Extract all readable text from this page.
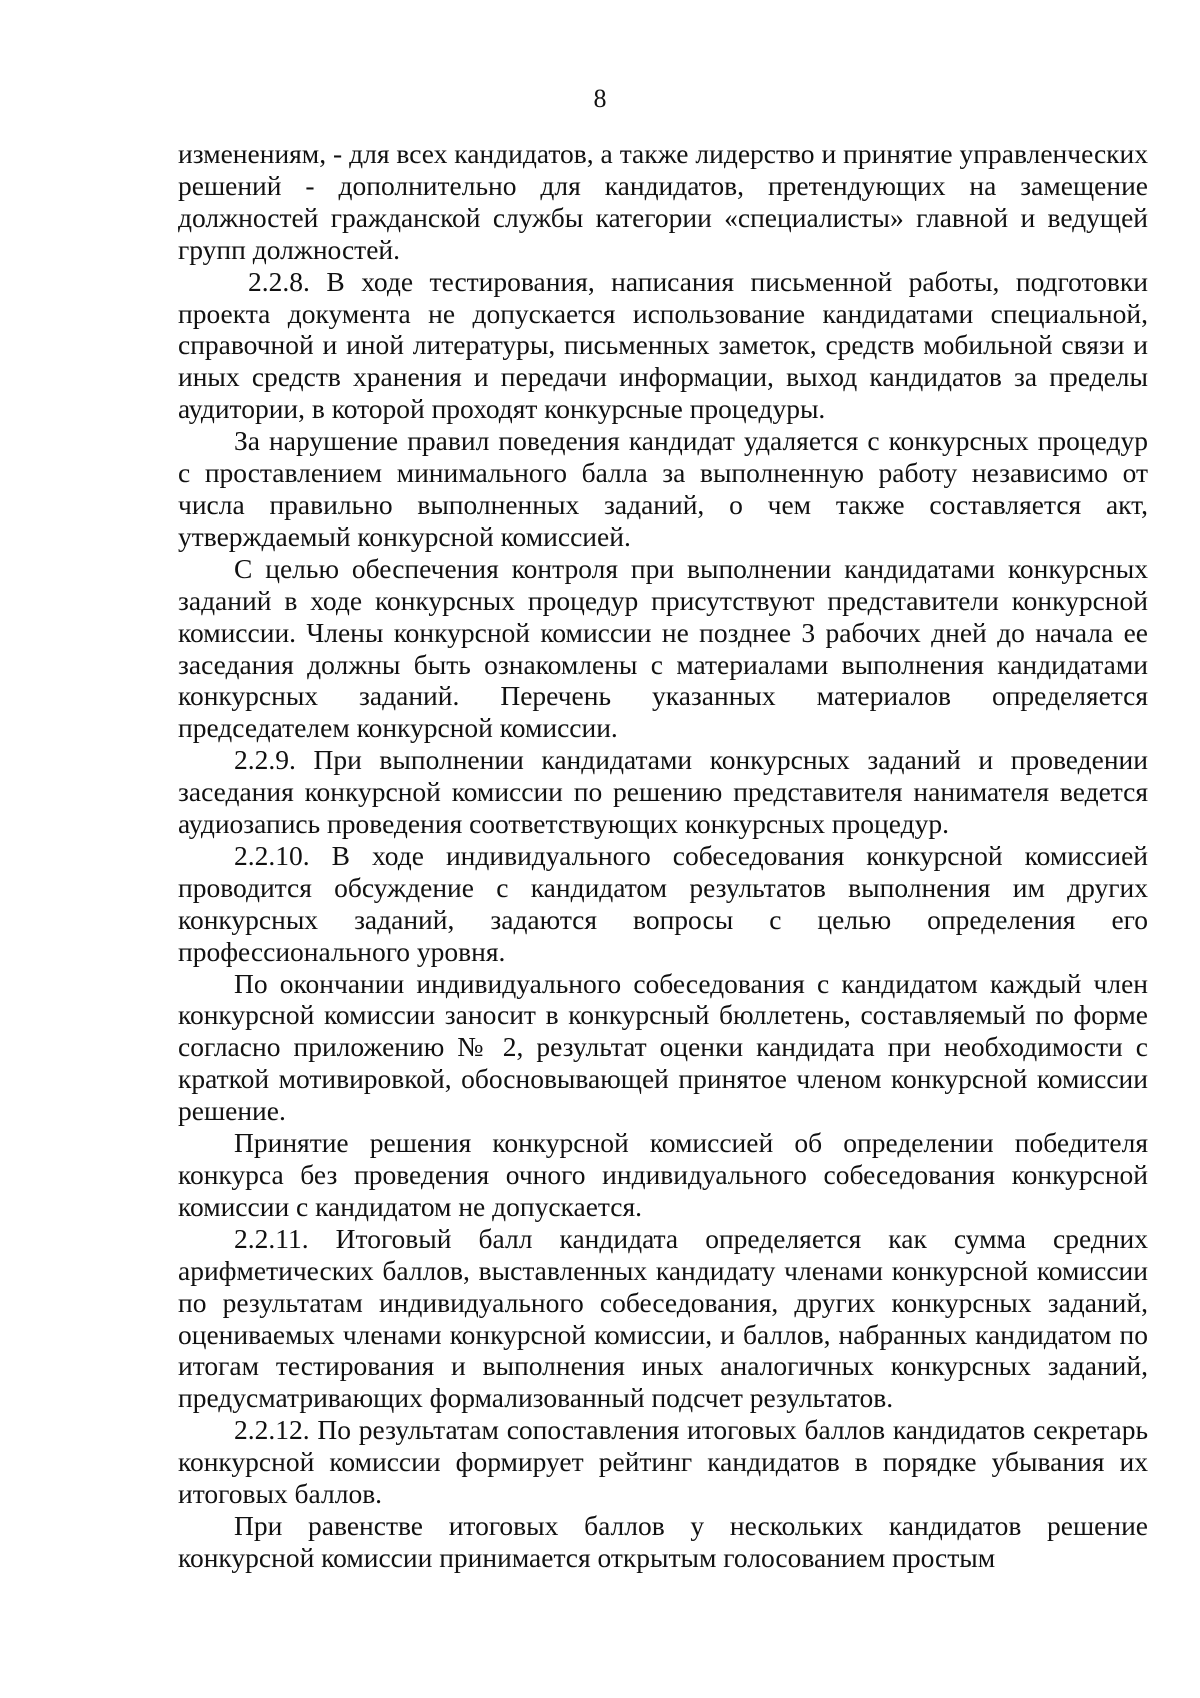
8

изменениям, - для всех кандидатов, а также лидерство и принятие управленческих решений - дополнительно для кандидатов, претендующих на замещение должностей гражданской службы категории «специалисты» главной и ведущей групп должностей.

2.2.8. В ходе тестирования, написания письменной работы, подготовки проекта документа не допускается использование кандидатами специальной, справочной и иной литературы, письменных заметок, средств мобильной связи и иных средств хранения и передачи информации, выход кандидатов за пределы аудитории, в которой проходят конкурсные процедуры.

За нарушение правил поведения кандидат удаляется с конкурсных процедур с проставлением минимального балла за выполненную работу независимо от числа правильно выполненных заданий, о чем также составляется акт, утверждаемый конкурсной комиссией.

С целью обеспечения контроля при выполнении кандидатами конкурсных заданий в ходе конкурсных процедур присутствуют представители конкурсной комиссии. Члены конкурсной комиссии не позднее 3 рабочих дней до начала ее заседания должны быть ознакомлены с материалами выполнения кандидатами конкурсных заданий. Перечень указанных материалов определяется председателем конкурсной комиссии.

2.2.9. При выполнении кандидатами конкурсных заданий и проведении заседания конкурсной комиссии по решению представителя нанимателя ведется аудиозапись проведения соответствующих конкурсных процедур.

2.2.10. В ходе индивидуального собеседования конкурсной комиссией проводится обсуждение с кандидатом результатов выполнения им других конкурсных заданий, задаются вопросы с целью определения его профессионального уровня.

По окончании индивидуального собеседования с кандидатом каждый член конкурсной комиссии заносит в конкурсный бюллетень, составляемый по форме согласно приложению № 2, результат оценки кандидата при необходимости с краткой мотивировкой, обосновывающей принятое членом конкурсной комиссии решение.

Принятие решения конкурсной комиссией об определении победителя конкурса без проведения очного индивидуального собеседования конкурсной комиссии с кандидатом не допускается.

2.2.11. Итоговый балл кандидата определяется как сумма средних арифметических баллов, выставленных кандидату членами конкурсной комиссии по результатам индивидуального собеседования, других конкурсных заданий, оцениваемых членами конкурсной комиссии, и баллов, набранных кандидатом по итогам тестирования и выполнения иных аналогичных конкурсных заданий, предусматривающих формализованный подсчет результатов.

2.2.12. По результатам сопоставления итоговых баллов кандидатов секретарь конкурсной комиссии формирует рейтинг кандидатов в порядке убывания их итоговых баллов.

При равенстве итоговых баллов у нескольких кандидатов решение конкурсной комиссии принимается открытым голосованием простым
